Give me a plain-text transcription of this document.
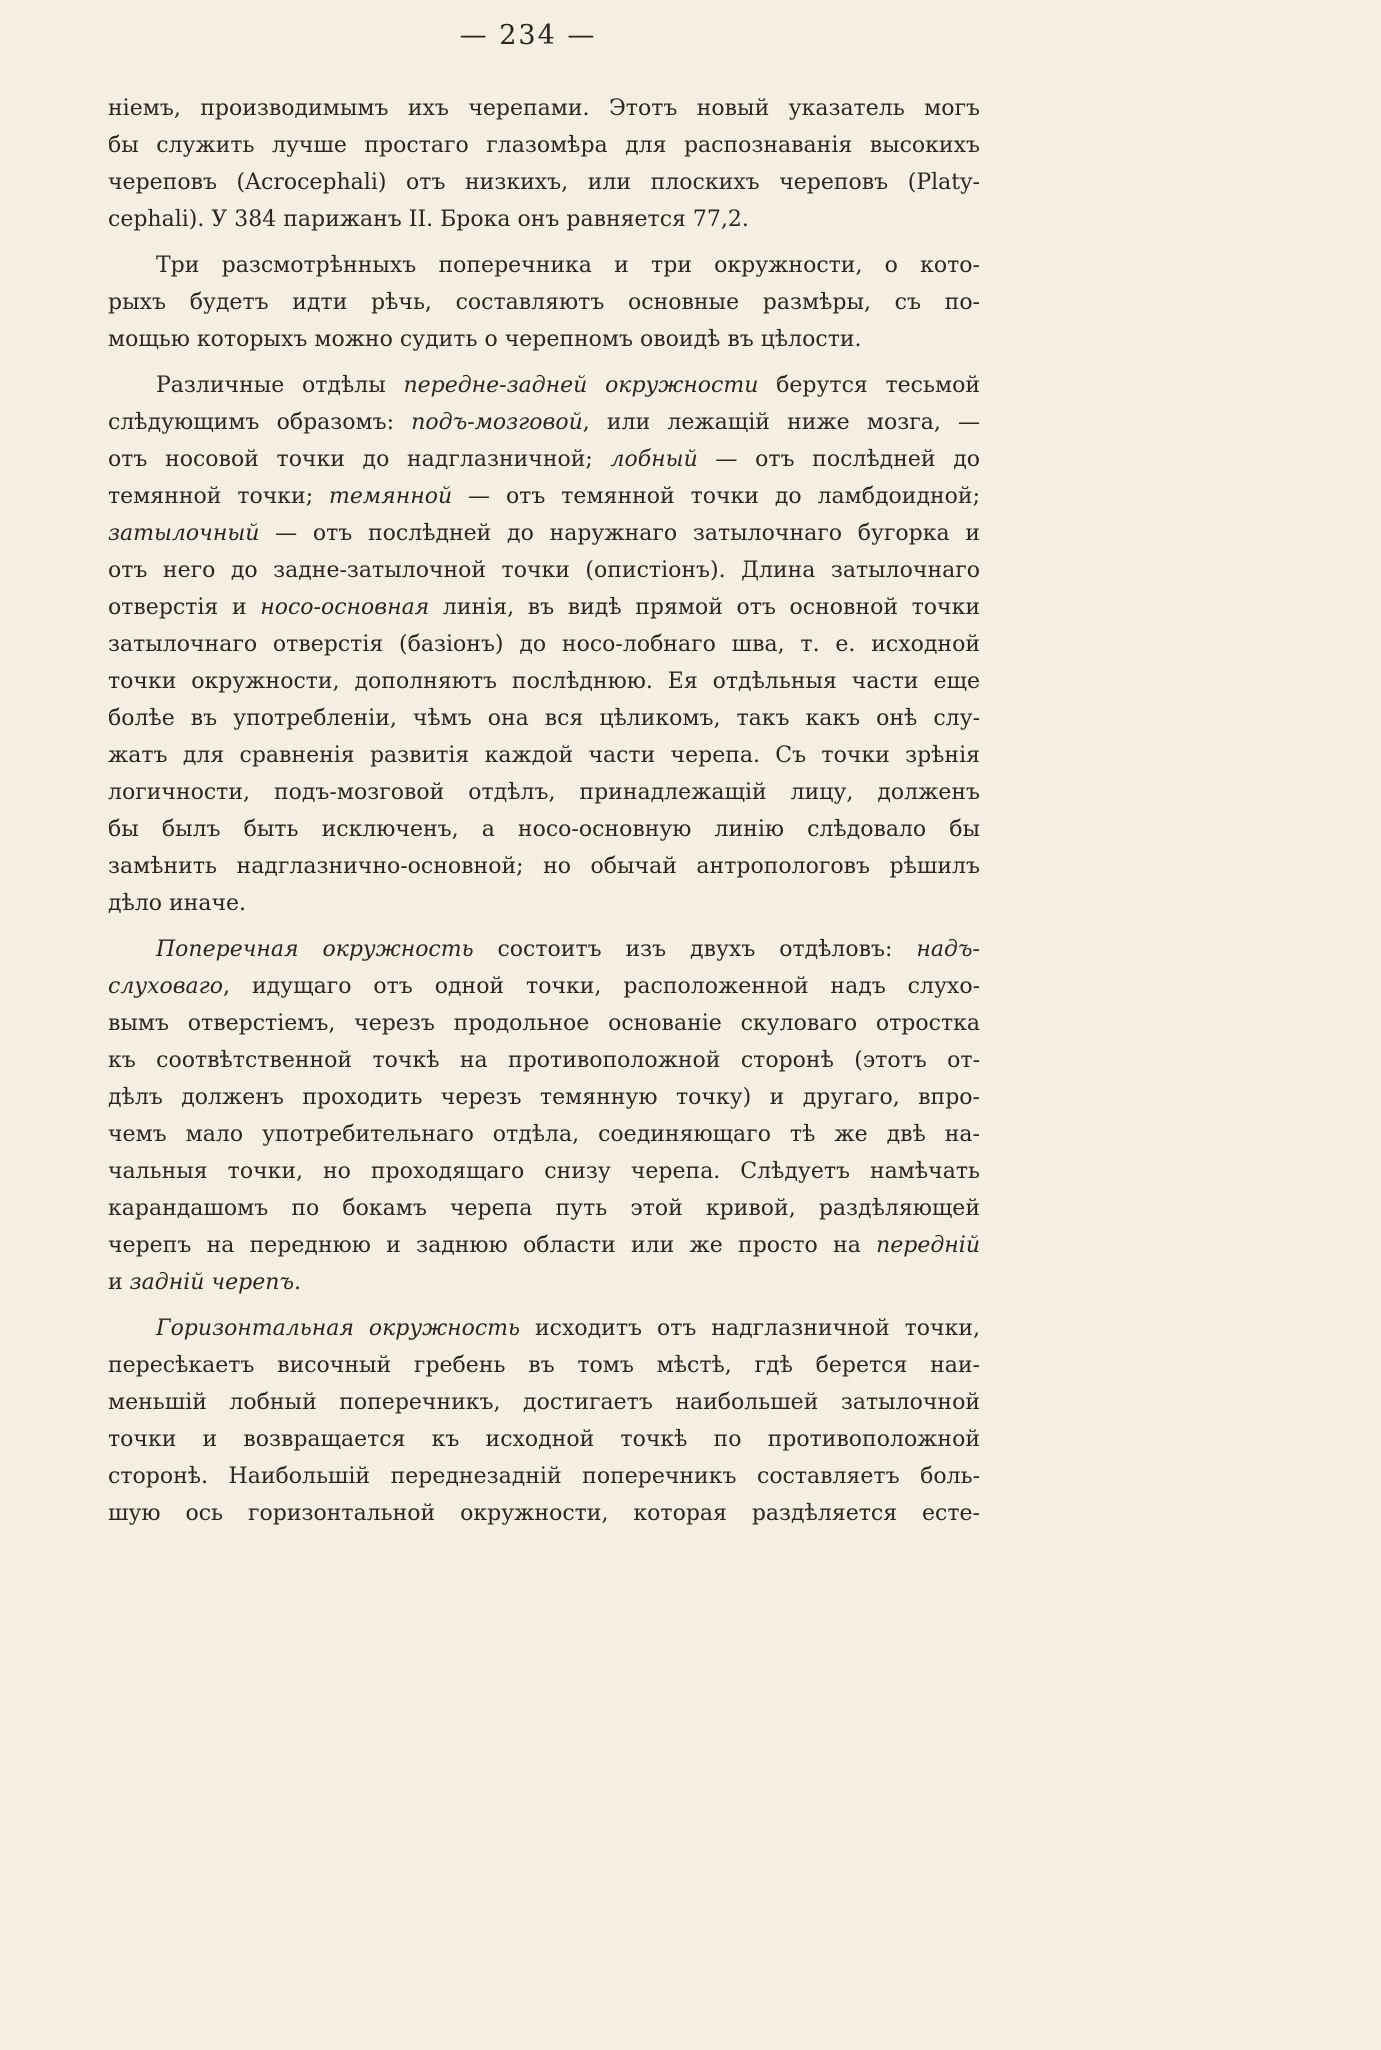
— 234 —
ніемъ, производимымъ ихъ черепами. Этотъ новый указатель могъ
бы служить лучше простаго глазомѣра для распознаванія высокихъ
череповъ (Acrocephali) отъ низкихъ, или плоскихъ череповъ (Platy-
cephali). У 384 парижанъ II. Брока онъ равняется 77,2.
Три разсмотрѣнныхъ поперечника и три окружности, о кото-
рыхъ будетъ идти рѣчь, составляютъ основные размѣры, съ по-
мощью которыхъ можно судить о черепномъ овоидѣ въ цѣлости.
Различные отдѣлы передне-задней окружности берутся тесьмой
слѣдующимъ образомъ: подъ-мозговой, или лежащій ниже мозга, —
отъ носовой точки до надглазничной; лобный — отъ послѣдней до
темянной точки; темянной — отъ темянной точки до ламбдоидной;
затылочный — отъ послѣдней до наружнаго затылочнаго бугорка и
отъ него до задне-затылочной точки (опистіонъ). Длина затылочнаго
отверстія и носо-основная линія, въ видѣ прямой отъ основной точки
затылочнаго отверстія (базіонъ) до носо-лобнаго шва, т. е. исходной
точки окружности, дополняютъ послѣднюю. Ея отдѣльныя части еще
болѣе въ употребленіи, чѣмъ она вся цѣликомъ, такъ какъ онѣ слу-
жатъ для сравненія развитія каждой части черепа. Съ точки зрѣнія
логичности, подъ-мозговой отдѣлъ, принадлежащій лицу, долженъ
бы былъ быть исключенъ, а носо-основную линію слѣдовало бы
замѣнить надглазнично-основной; но обычай антропологовъ рѣшилъ
дѣло иначе.
Поперечная окружность состоитъ изъ двухъ отдѣловъ: надъ-
слуховаго, идущаго отъ одной точки, расположенной надъ слухо-
вымъ отверстіемъ, черезъ продольное основаніе скуловаго отростка
къ соотвѣтственной точкѣ на противоположной сторонѣ (этотъ от-
дѣлъ долженъ проходить черезъ темянную точку) и другаго, впро-
чемъ мало употребительнаго отдѣла, соединяющаго тѣ же двѣ на-
чальныя точки, но проходящаго снизу черепа. Слѣдуетъ намѣчать
карандашомъ по бокамъ черепа путь этой кривой, раздѣляющей
черепъ на переднюю и заднюю области или же просто на передній
и задній черепъ.
Горизонтальная окружность исходитъ отъ надглазничной точки,
пересѣкаетъ височный гребень въ томъ мѣстѣ, гдѣ берется наи-
меньшій лобный поперечникъ, достигаетъ наибольшей затылочной
точки и возвращается къ исходной точкѣ по противоположной
сторонѣ. Наибольшій переднезадній поперечникъ составляетъ боль-
шую ось горизонтальной окружности, которая раздѣляется есте-
